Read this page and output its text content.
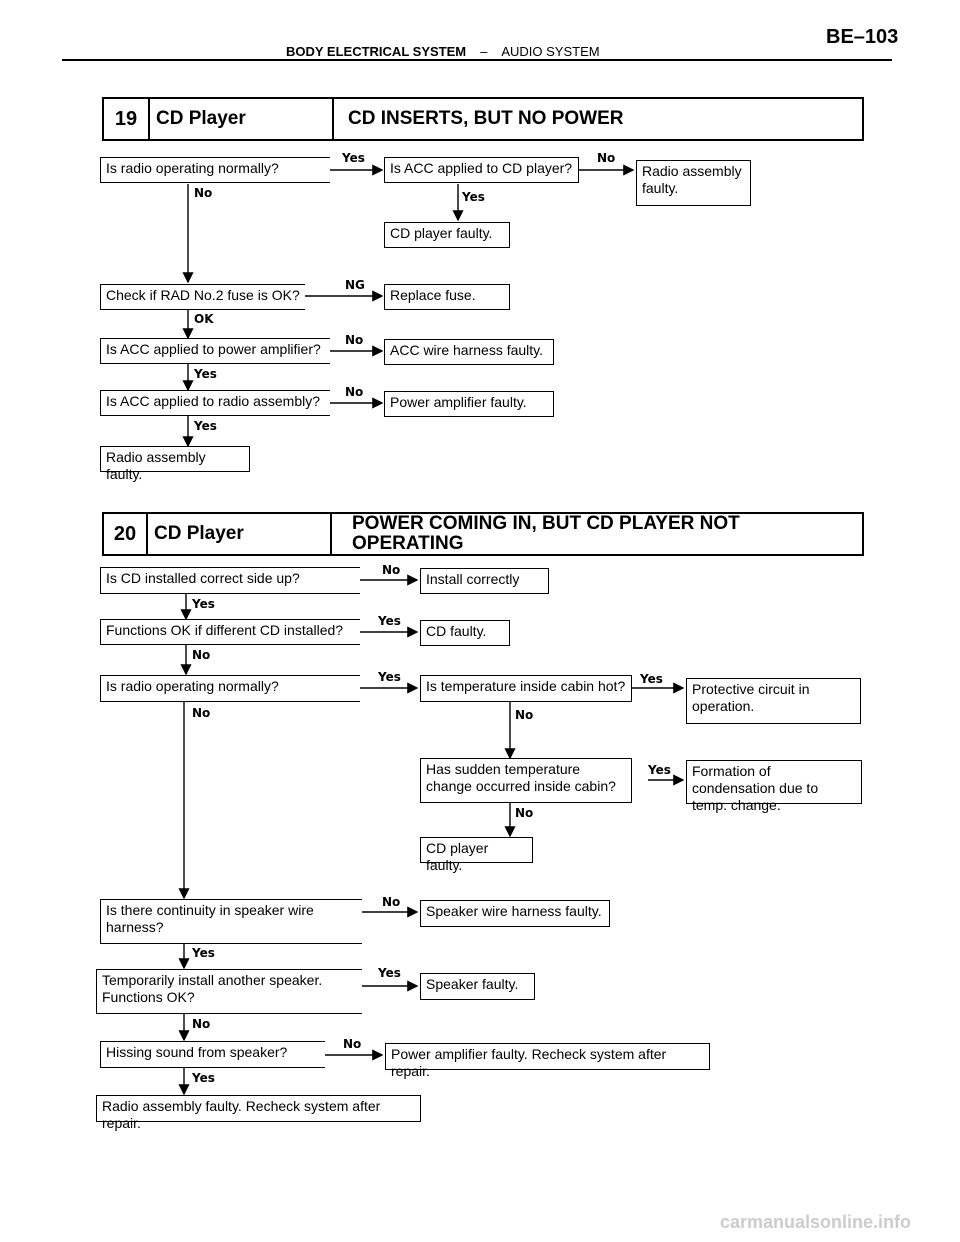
BODY ELECTRICAL SYSTEM – AUDIO SYSTEM
BE–103
19 CD Player	CD INSERTS, BUT NO POWER
Is radio operating normally?	Is ACC applied to CD player?	Radio assembly faulty.
CD player faulty.
Check if RAD No.2 fuse is OK?	Replace fuse.
Is ACC applied to power amplifier?	ACC wire harness faulty.
Is ACC applied to radio assembly?	Power amplifier faulty.
Radio assembly faulty.
Yes	No
Yes
No
NG
OK
No
Yes
No
Yes
20 CD Player	POWER COMING IN, BUT CD PLAYER NOT
OPERATING
Is CD installed correct side up?	Install correctly
Functions OK if different CD installed?	CD faulty.
Is radio operating normally?	Is temperature inside cabin hot?	Protective circuit in operation.
Has sudden temperature change occurred inside cabin?
Formation of condensation due to temp. change.
CD player faulty.
Is there continuity in speaker wire harness?
Speaker wire harness faulty.
Temporarily install another speaker. Functions OK?
Speaker faulty.
Hissing sound from speaker?	Power amplifier faulty. Recheck system after repair.
Radio assembly faulty. Recheck system after repair.
No
Yes
Yes
No
Yes	Yes
No	No
Yes
No
No
Yes
Yes
No
No
Yes
carmanualsonline.info
